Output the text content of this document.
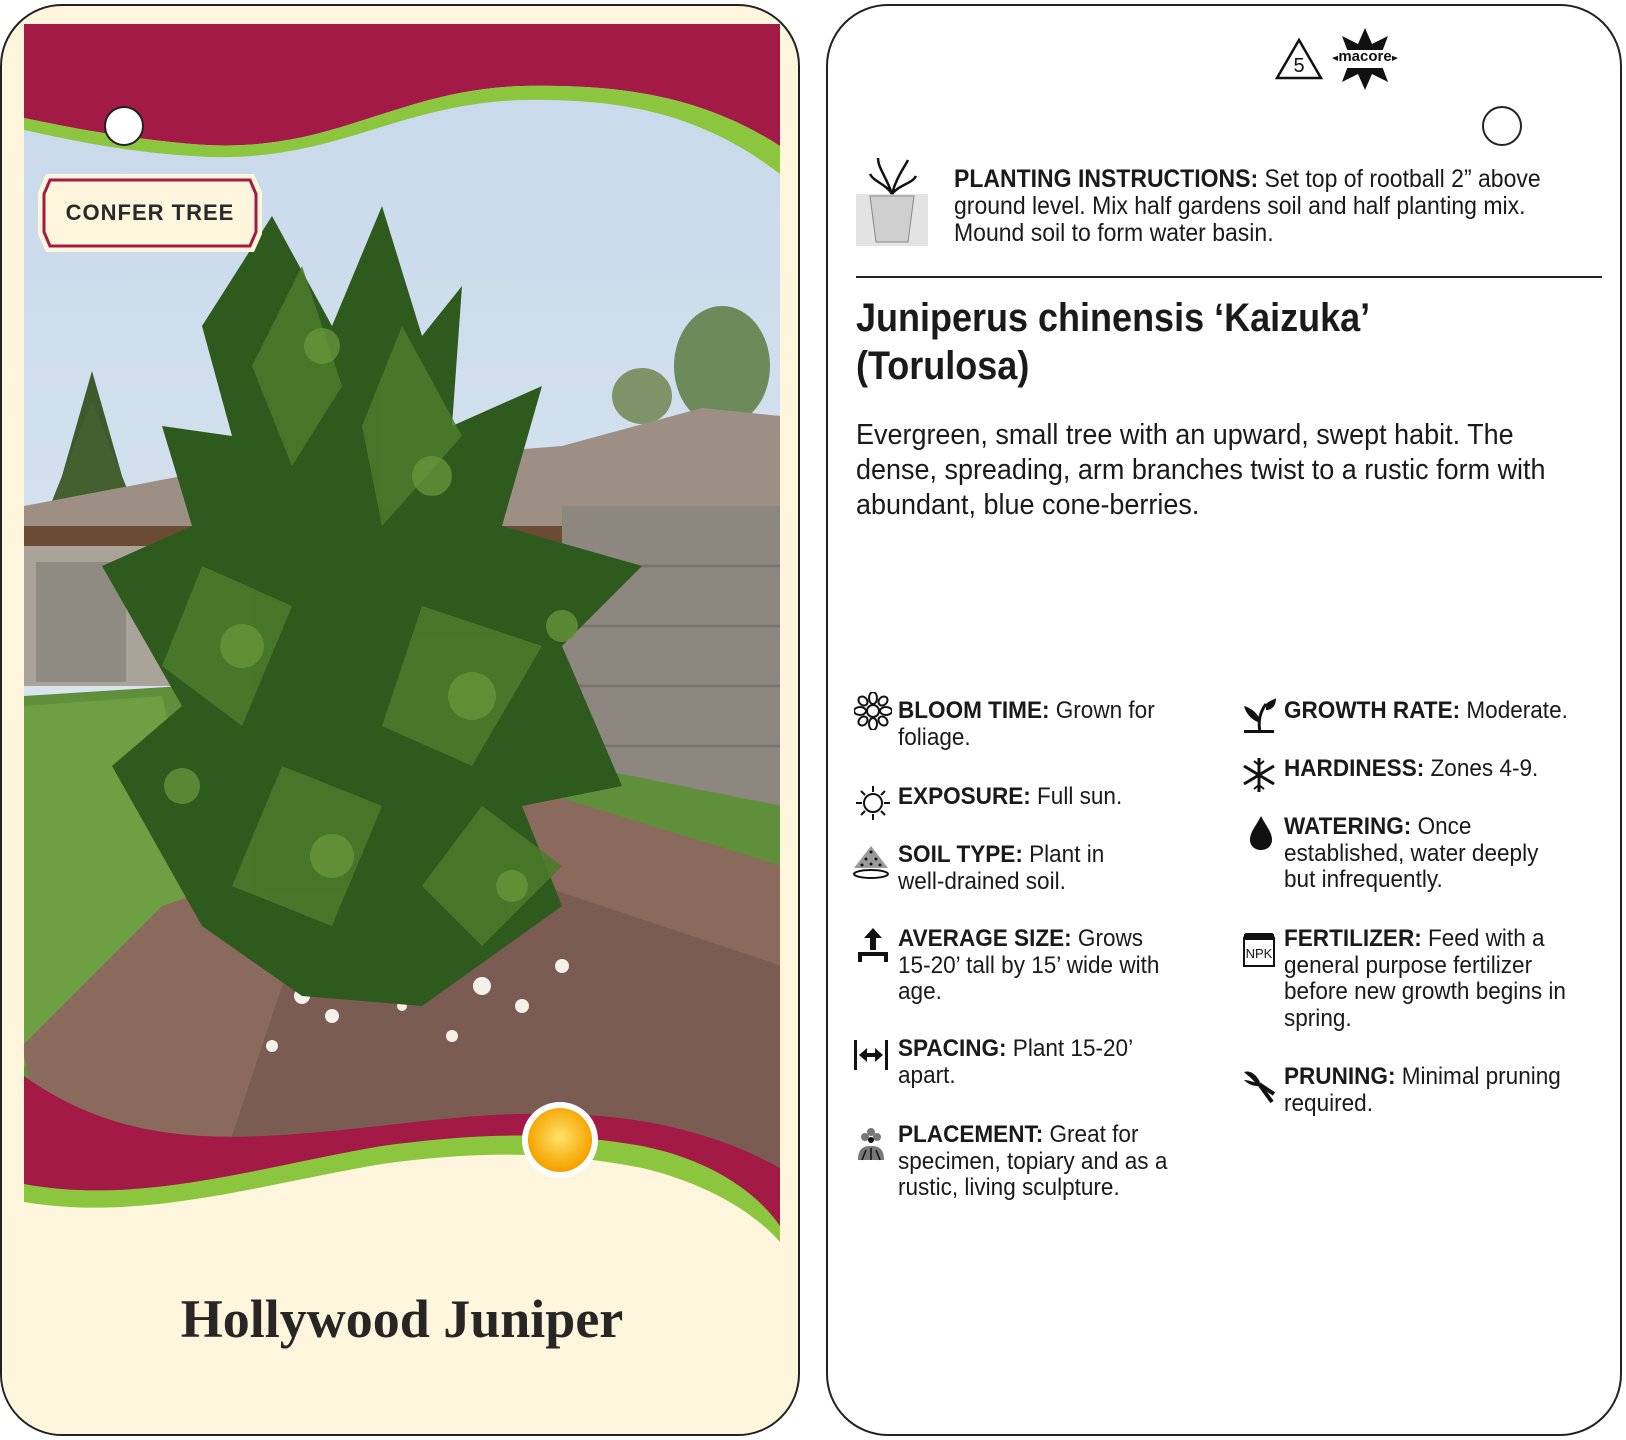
CONFER TREE
Hollywood Juniper
5	macore
PLANTING INSTRUCTIONS: Set top of rootball 2” above ground level. Mix half gardens soil and half planting mix. Mound soil to form water basin.
Juniperus chinensis ‘Kaizuka’ (Torulosa)
Evergreen, small tree with an upward, swept habit. The dense, spreading, arm branches twist to a rustic form with abundant, blue cone-berries.
BLOOM TIME: Grown for foliage.
EXPOSURE: Full sun.
SOIL TYPE: Plant in well-drained soil.
AVERAGE SIZE: Grows 15-20’ tall by 15’ wide with age.
SPACING: Plant 15-20’ apart.
PLACEMENT: Great for specimen, topiary and as a rustic, living sculpture.
GROWTH RATE: Moderate.
HARDINESS: Zones 4-9.
WATERING: Once established, water deeply but infrequently.
NPK
FERTILIZER: Feed with a general purpose fertilizer before new growth begins in spring.
PRUNING: Minimal pruning required.
